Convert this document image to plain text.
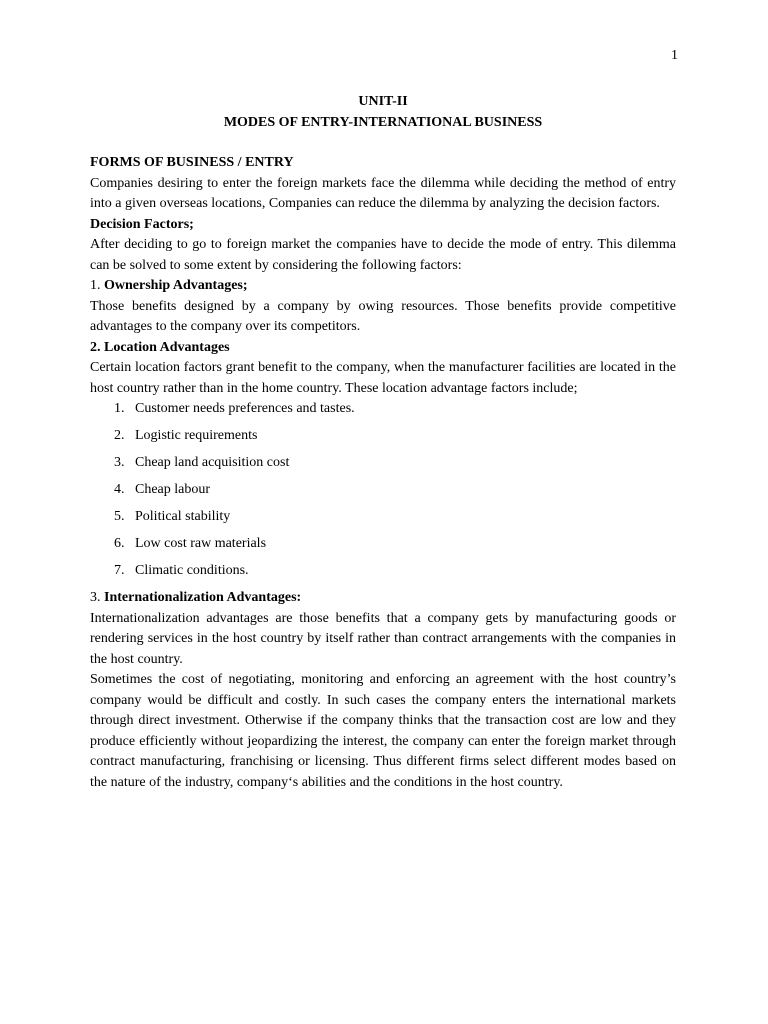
1

UNIT-II

MODES OF ENTRY-INTERNATIONAL BUSINESS

FORMS OF BUSINESS / ENTRY

Companies desiring to enter the foreign markets face the dilemma while deciding the method of entry into a given overseas locations, Companies can reduce the dilemma by analyzing the decision factors.

Decision Factors;

After deciding to go to foreign market the companies have to decide the mode of entry. This dilemma can be solved to some extent by considering the following factors:

1. Ownership Advantages;

Those benefits designed by a company by owing resources. Those benefits provide competitive advantages to the company over its competitors.

2. Location Advantages

Certain location factors grant benefit to the company, when the manufacturer facilities are located in the host country rather than in the home country. These location advantage factors include;

1. Customer needs preferences and tastes.
2. Logistic requirements
3. Cheap land acquisition cost
4. Cheap labour
5. Political stability
6. Low cost raw materials
7. Climatic conditions.

3. Internationalization Advantages:

Internationalization advantages are those benefits that a company gets by manufacturing goods or rendering services in the host country by itself rather than contract arrangements with the companies in the host country.

Sometimes the cost of negotiating, monitoring and enforcing an agreement with the host country’s company would be difficult and costly. In such cases the company enters the international markets through direct investment. Otherwise if the company thinks that the transaction cost are low and they produce efficiently without jeopardizing the interest, the company can enter the foreign market through contract manufacturing, franchising or licensing. Thus different firms select different modes based on the nature of the industry, company‘s abilities and the conditions in the host country.
